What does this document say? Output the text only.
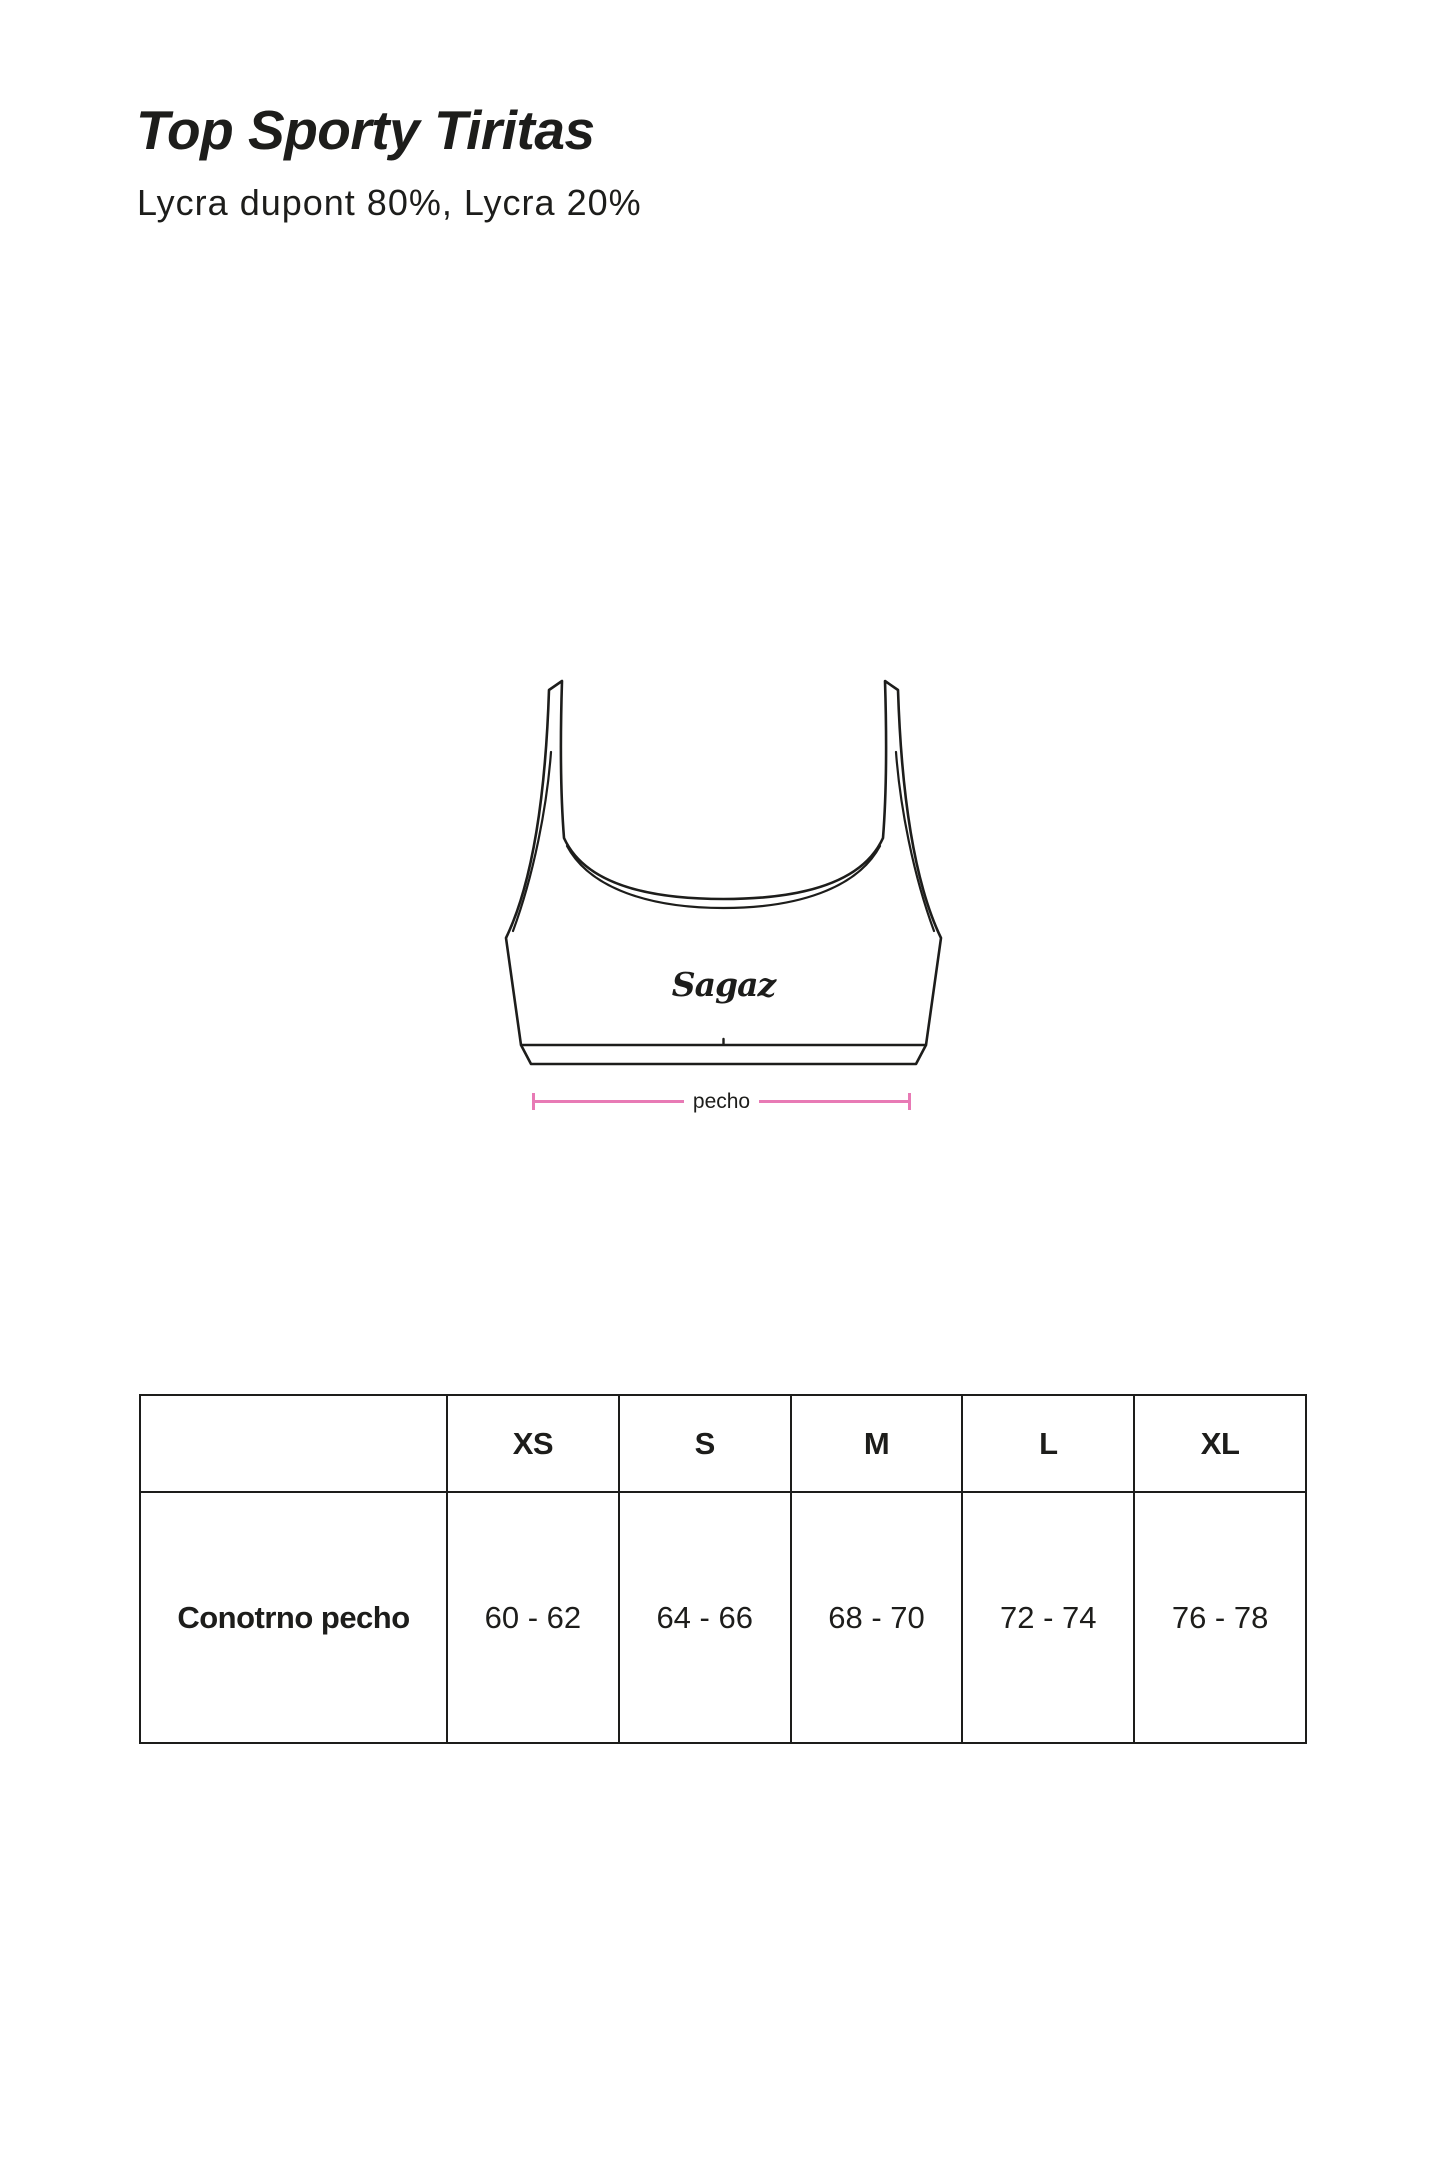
Top Sporty Tiritas

Lycra dupont 80%, Lycra 20%

Sagaz
pecho
	XS	S	M	L	XL
Conotrno pecho	60 - 62	64 - 66	68 - 70	72 - 74	76 - 78
